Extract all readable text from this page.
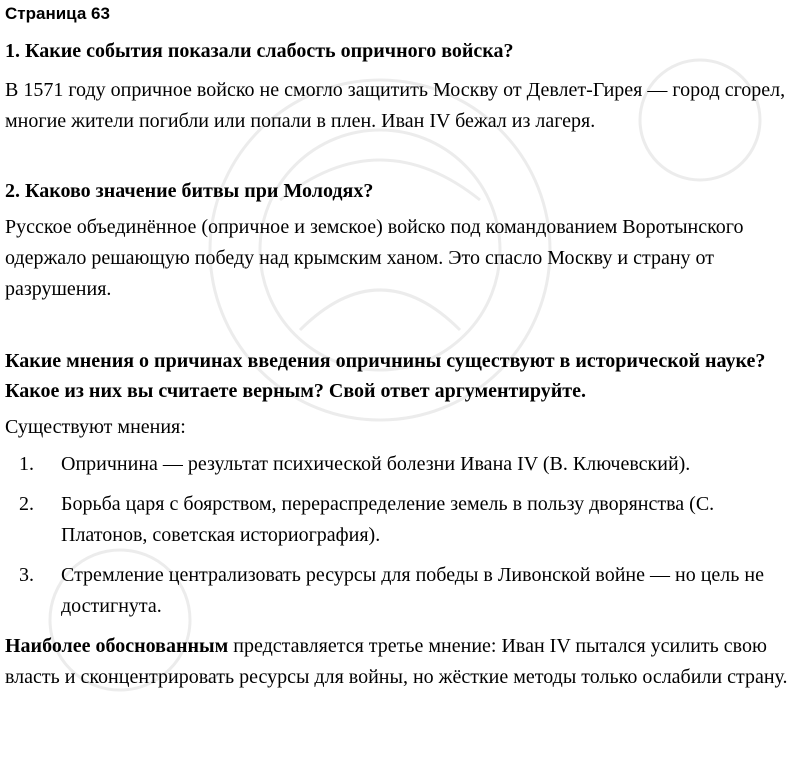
Страница 63
1. Какие события показали слабость опричного войска?

В 1571 году опричное войско не смогло защитить Москву от Девлет-Гирея — город сгорел, многие жители погибли или попали в плен. Иван IV бежал из лагеря.

2. Каково значение битвы при Молодях?

Русское объединённое (опричное и земское) войско под командованием Воротынского одержало решающую победу над крымским ханом. Это спасло Москву и страну от разрушения.

Какие мнения о причинах введения опричнины существуют в исторической науке? Какое из них вы считаете верным? Свой ответ аргументируйте.

Существуют мнения:

1.	Опричнина — результат психической болезни Ивана IV (В. Ключевский).
2.	Борьба царя с боярством, перераспределение земель в пользу дворянства (С. Платонов, советская историография).
3.	Стремление централизовать ресурсы для победы в Ливонской войне — но цель не достигнута.

Наиболее обоснованным представляется третье мнение: Иван IV пытался усилить свою власть и сконцентрировать ресурсы для войны, но жёсткие методы только ослабили страну.
